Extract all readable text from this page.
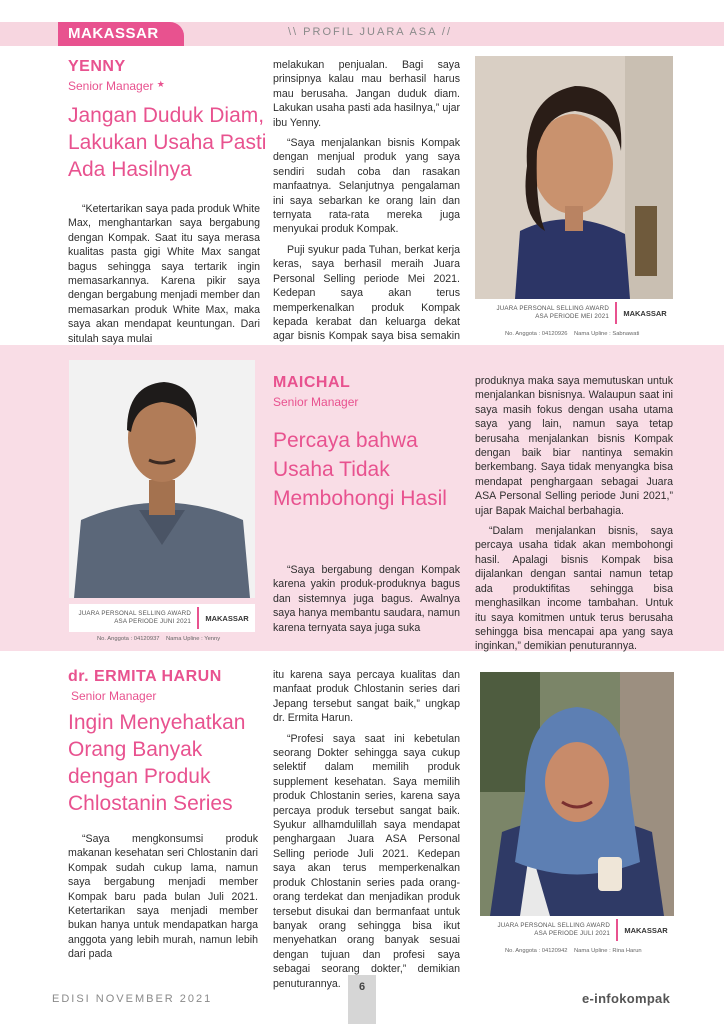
MAKASSAR	\\ PROFIL JUARA ASA //
YENNY
Senior Manager ★
Jangan Duduk Diam, Lakukan Usaha Pasti Ada Hasilnya

“Ketertarikan saya pada produk White Max, menghantarkan saya bergabung dengan Kompak. Saat itu saya merasa kualitas pasta gigi White Max sangat bagus sehingga saya tertarik ingin memasarkannya. Karena pikir saya dengan bergabung menjadi member dan memasarkan produk White Max, maka saya akan mendapat keuntungan. Dari situlah saya mulai

melakukan penjualan. Bagi saya prinsipnya kalau mau berhasil harus mau berusaha. Jangan duduk diam. Lakukan usaha pasti ada hasilnya,” ujar ibu Yenny.

“Saya menjalankan bisnis Kompak dengan menjual produk yang saya sendiri sudah coba dan rasakan manfaatnya. Selanjutnya pengalaman ini saya sebarkan ke orang lain dan ternyata rata-rata mereka juga menyukai produk Kompak.

Puji syukur pada Tuhan, berkat kerja keras, saya berhasil meraih Juara Personal Selling periode Mei 2021. Kedepan saya akan terus memperkenalkan produk Kompak kepada kerabat dan keluarga dekat agar bisnis Kompak saya bisa semakin

JUARA PERSONAL SELLING AWARD
ASA PERIODE MEI 2021	MAKASSAR
No. Anggota : 04120926 Nama Upline : Sabnawati
JUARA PERSONAL SELLING AWARD
ASA PERIODE JUNI 2021	MAKASSAR
No. Anggota : 04120937 Nama Upline : Yenny
MAICHAL
Senior Manager
Percaya bahwa Usaha Tidak Membohongi Hasil

“Saya bergabung dengan Kompak karena yakin produk-produknya bagus dan sistemnya juga bagus. Awalnya saya hanya membantu saudara, namun karena ternyata saya juga suka

produknya maka saya memutuskan untuk menjalankan bisnisnya. Walaupun saat ini saya masih fokus dengan usaha utama saya yang lain, namun saya tetap berusaha menjalankan bisnis Kompak dengan baik biar nantinya semakin berkembang. Saya tidak menyangka bisa mendapat penghargaan sebagai Juara ASA Personal Selling periode Juni 2021,” ujar Bapak Maichal berbahagia.

“Dalam menjalankan bisnis, saya percaya usaha tidak akan membohongi hasil. Apalagi bisnis Kompak bisa dijalankan dengan santai namun tetap ada produktifitas sehingga bisa menghasilkan income tambahan. Untuk itu saya komitmen untuk terus berusaha sehingga bisa mencapai apa yang saya inginkan,” demikian penuturannya.

dr. ERMITA HARUN
Senior Manager
Ingin Menyehatkan Orang Banyak dengan Produk Chlostanin Series

“Saya mengkonsumsi produk makanan kesehatan seri Chlostanin dari Kompak sudah cukup lama, namun saya bergabung menjadi member Kompak baru pada bulan Juli 2021. Ketertarikan saya menjadi member bukan hanya untuk mendapatkan harga anggota yang lebih murah, namun lebih dari pada

itu karena saya percaya kualitas dan manfaat produk Chlostanin series dari Jepang tersebut sangat baik,” ungkap dr. Ermita Harun.

“Profesi saya saat ini kebetulan seorang Dokter sehingga saya cukup selektif dalam memilih produk supplement kesehatan. Saya memilih produk Chlostanin series, karena saya percaya produk tersebut sangat baik. Syukur allhamdulillah saya mendapat penghargaan Juara ASA Personal Selling periode Juli 2021. Kedepan saya akan terus memperkenalkan produk Chlostanin series pada orang-orang terdekat dan menjadikan produk tersebut disukai dan bermanfaat untuk banyak orang sehingga bisa ikut menyehatkan orang banyak sesuai dengan tujuan dan profesi saya sebagai seorang dokter,” demikian penuturannya.

JUARA PERSONAL SELLING AWARD
ASA PERIODE JULI 2021	MAKASSAR
No. Anggota : 04120942 Nama Upline : Rina Harun
EDISI NOVEMBER 2021
6
e-infokompak
